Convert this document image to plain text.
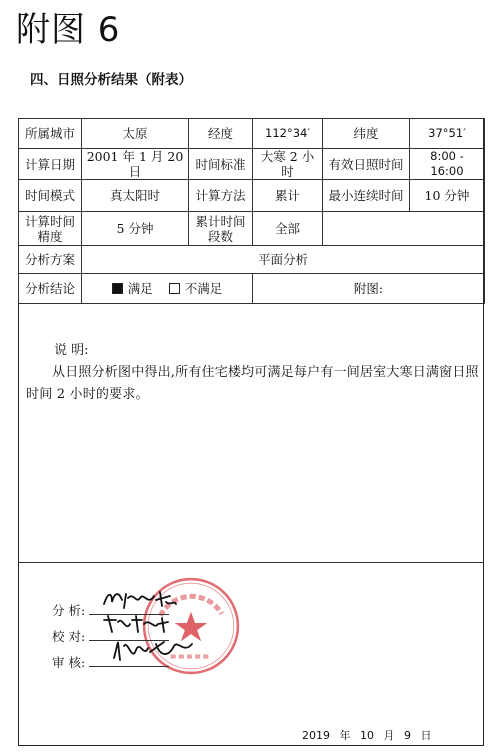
附图 6
四、日照分析结果（附表）
所属城市	太原	经度	112°34′	纬度	37°51′
计算日期	2001 年 1 月 20 日	时间标准	大寒 2 小时	有效日照时间	8:00 - 16:00
时间模式	真太阳时	计算方法	累计	最小连续时间	10 分钟
计算时间精度	5 分钟	累计时间段数	全部		
分析方案	平面分析				
分析结论	满足 不满足		附图:		
说 明:
从日照分析图中得出,所有住宅楼均可满足每户有一间居室大寒日满窗日照时间 2 小时的要求。
分 析:
校 对:
审 核:
2019 年 10 月 9 日
